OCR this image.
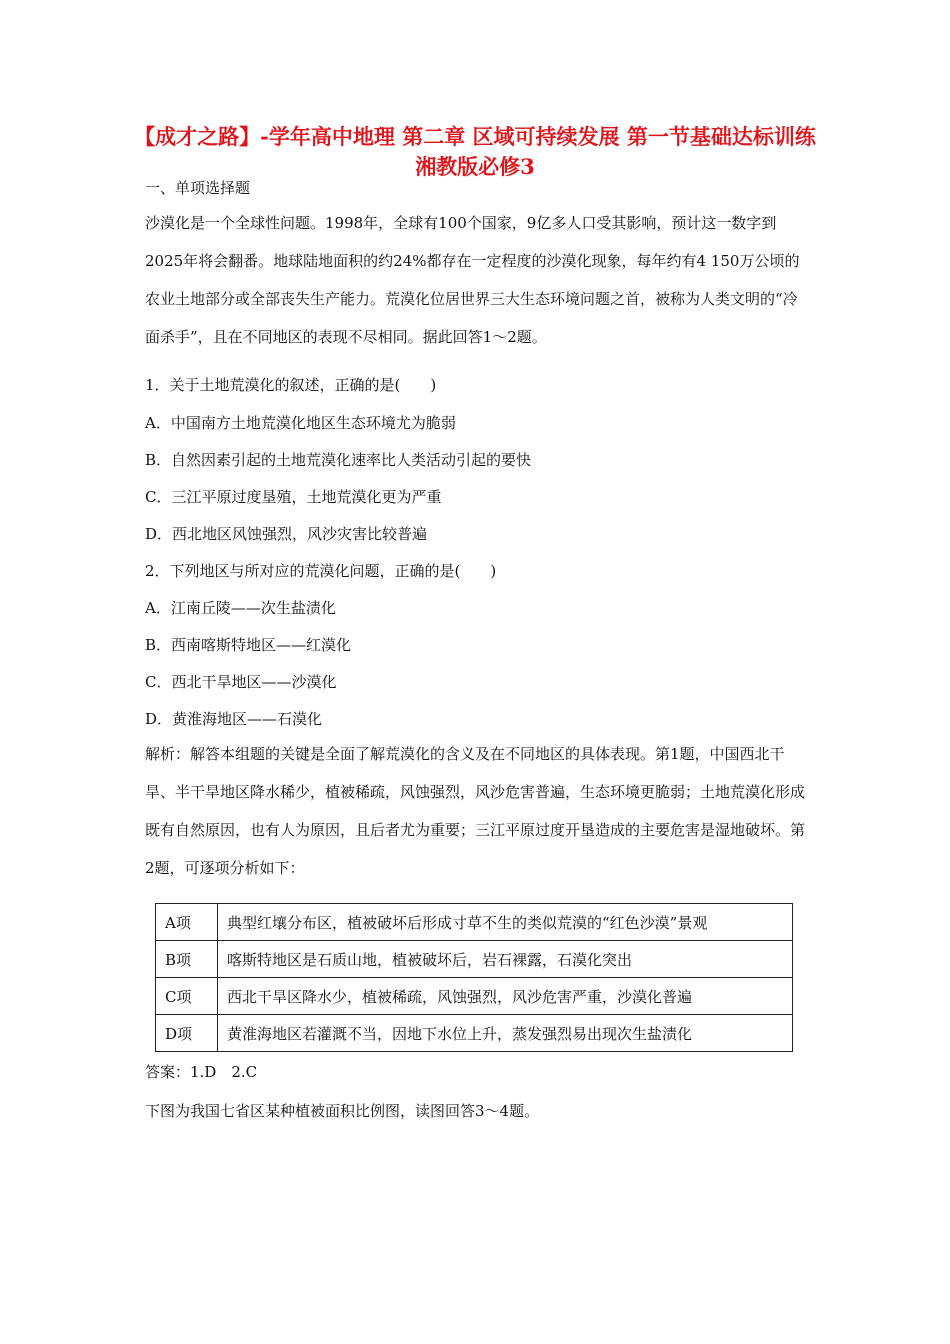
【成才之路】-学年高中地理 第二章 区域可持续发展 第一节基础达标训练 湘教版必修3
一、单项选择题

沙漠化是一个全球性问题。1998年，全球有100个国家，9亿多人口受其影响，预计这一数字到2025年将会翻番。地球陆地面积的约24%都存在一定程度的沙漠化现象，每年约有4 150万公顷的农业土地部分或全部丧失生产能力。荒漠化位居世界三大生态环境问题之首，被称为人类文明的“冷面杀手”，且在不同地区的表现不尽相同。据此回答1～2题。

1．关于土地荒漠化的叙述，正确的是(　　)
A．中国南方土地荒漠化地区生态环境尤为脆弱
B．自然因素引起的土地荒漠化速率比人类活动引起的要快
C．三江平原过度垦殖，土地荒漠化更为严重
D．西北地区风蚀强烈，风沙灾害比较普遍
2．下列地区与所对应的荒漠化问题，正确的是(　　)
A．江南丘陵——次生盐渍化
B．西南喀斯特地区——红漠化
C．西北干旱地区——沙漠化
D．黄淮海地区——石漠化

解析：解答本组题的关键是全面了解荒漠化的含义及在不同地区的具体表现。第1题，中国西北干旱、半干旱地区降水稀少，植被稀疏，风蚀强烈，风沙危害普遍，生态环境更脆弱；土地荒漠化形成既有自然原因，也有人为原因，且后者尤为重要；三江平原过度开垦造成的主要危害是湿地破坏。第2题，可逐项分析如下：

A项	典型红壤分布区，植被破坏后形成寸草不生的类似荒漠的“红色沙漠”景观
B项	喀斯特地区是石质山地，植被破坏后，岩石裸露，石漠化突出
C项	西北干旱区降水少，植被稀疏，风蚀强烈，风沙危害严重，沙漠化普遍
D项	黄淮海地区若灌溉不当，因地下水位上升，蒸发强烈易出现次生盐渍化
答案：1.D　2.C
下图为我国七省区某种植被面积比例图，读图回答3～4题。
